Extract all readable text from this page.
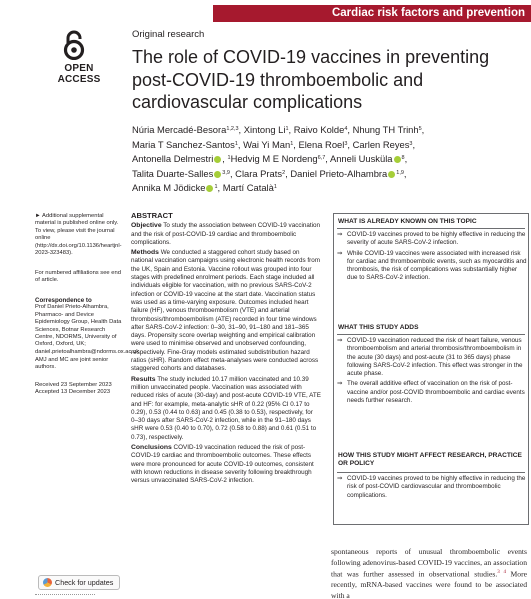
Cardiac risk factors and prevention
OPEN ACCESS
Original research
The role of COVID-19 vaccines in preventing post-COVID-19 thromboembolic and cardiovascular complications
Núria Mercadé-Besora$^{1,2,3}$, Xintong Li$^1$, Raivo Kolde$^4$, Nhung TH Trinh$^5$,
Maria T Sanchez-Santos$^1$, Wai Yi Man$^1$, Elena Roel$^3$, Carlen Reyes$^3$,
Antonella Delmestri , $^1$Hedvig M E Nordeng$^{6,7}$, Anneli Uusküla $^8$,
Talita Duarte-Salles $^{3,9}$, Clara Prats$^2$, Daniel Prieto-Alhambra $^{1,9}$,
Annika M Jödicke $^1$, Martí Català$^1$
► Additional supplemental material is published online only. To view, please visit the journal online (http://dx.doi.org/10.1136/heartjnl-2023-323483).
For numbered affiliations see end of article.
Correspondence to
Prof Daniel Prieto-Alhambra, Pharmaco- and Device Epidemiology Group, Health Data Sciences, Botnar Research Centre, NDORMS, University of Oxford, Oxford, UK; daniel.prietoalhambra@ndorms.ox.ac.uk
AMJ and MC are joint senior authors.
Received 23 September 2023
Accepted 13 December 2023
Check for updates
ABSTRACT

Objective To study the association between COVID-19 vaccination and the risk of post-COVID-19 cardiac and thromboembolic complications.

Methods We conducted a staggered cohort study based on national vaccination campaigns using electronic health records from the UK, Spain and Estonia. Vaccine rollout was grouped into four stages with predefined enrolment periods. Each stage included all individuals eligible for vaccination, with no previous SARS-CoV-2 infection or COVID-19 vaccine at the start date. Vaccination status was used as a time-varying exposure. Outcomes included heart failure (HF), venous thromboembolism (VTE) and arterial thrombosis/thromboembolism (ATE) recorded in four time windows after SARS-CoV-2 infection: 0–30, 31–90, 91–180 and 181–365 days. Propensity score overlap weighting and empirical calibration were used to minimise observed and unobserved confounding, respectively. Fine-Gray models estimated subdistribution hazard ratios (sHR). Random effect meta-analyses were conducted across staggered cohorts and databases.

Results The study included 10.17 million vaccinated and 10.39 million unvaccinated people. Vaccination was associated with reduced risks of acute (30-day) and post-acute COVID-19 VTE, ATE and HF: for example, meta-analytic sHR of 0.22 (95% CI 0.17 to 0.29), 0.53 (0.44 to 0.63) and 0.45 (0.38 to 0.53), respectively, for 0–30 days after SARS-CoV-2 infection, while in the 91–180 days sHR were 0.53 (0.40 to 0.70), 0.72 (0.58 to 0.88) and 0.61 (0.51 to 0.73), respectively.

Conclusions COVID-19 vaccination reduced the risk of post-COVID-19 cardiac and thromboembolic outcomes. These effects were more pronounced for acute COVID-19 outcomes, consistent with known reductions in disease severity following breakthrough versus unvaccinated SARS-CoV-2 infection.

WHAT IS ALREADY KNOWN ON THIS TOPIC
⇒ COVID-19 vaccines proved to be highly effective in reducing the severity of acute SARS-CoV-2 infection.
⇒ While COVID-19 vaccines were associated with increased risk for cardiac and thromboembolic events, such as myocarditis and thrombosis, the risk of complications was substantially higher due to SARS-CoV-2 infection.
WHAT THIS STUDY ADDS
⇒ COVID-19 vaccination reduced the risk of heart failure, venous thromboembolism and arterial thrombosis/thromboembolism in the acute (30 days) and post-acute (31 to 365 days) phase following SARS-CoV-2 infection. This effect was stronger in the acute phase.
⇒ The overall additive effect of vaccination on the risk of post-vaccine and/or post-COVID thromboembolic and cardiac events needs further research.
HOW THIS STUDY MIGHT AFFECT RESEARCH, PRACTICE OR POLICY
⇒ COVID-19 vaccines proved to be highly effective in reducing the risk of post-COVID cardiovascular and thromboembolic complications.
spontaneous reports of unusual thromboembolic events following adenovirus-based COVID-19 vaccines, an association that was further assessed in observational studies.$^{3 4}$ More recently, mRNA-based vaccines were found to be associated with a
